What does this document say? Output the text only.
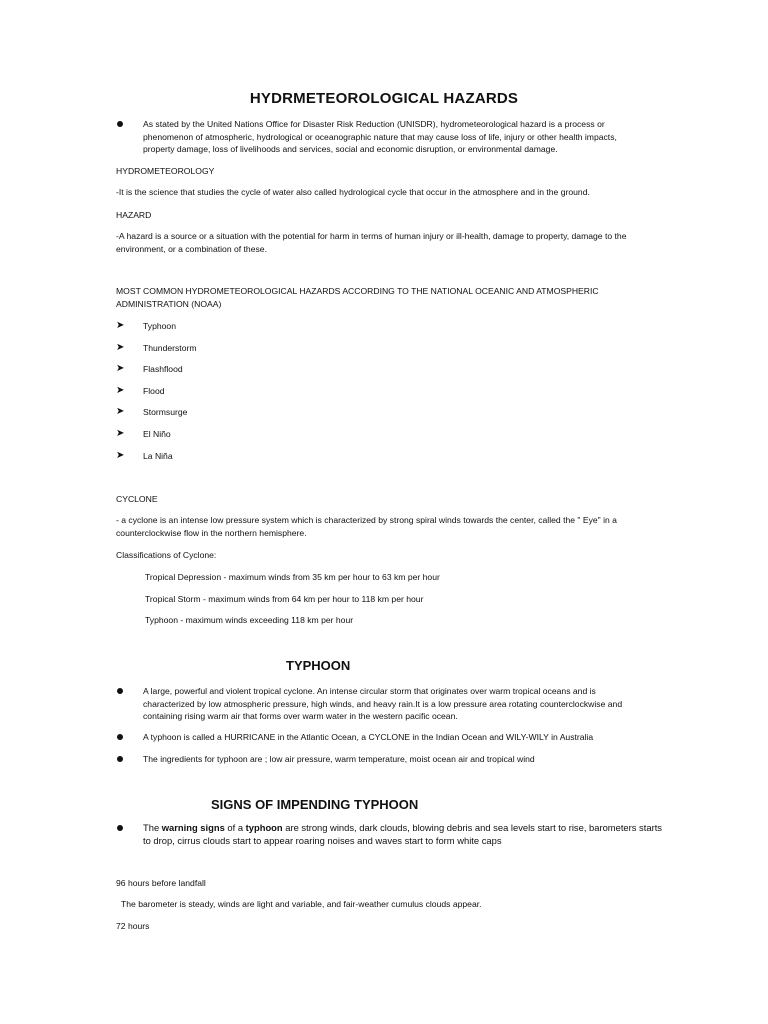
HYDRMETEOROLOGICAL HAZARDS
As stated by the United Nations Office for Disaster Risk Reduction (UNISDR), hydrometeorological hazard is a process or phenomenon of atmospheric, hydrological or oceanographic nature that may cause loss of life, injury or other health impacts, property damage, loss of livelihoods and services, social and economic disruption, or environmental damage.
HYDROMETEOROLOGY
-It is the science that studies the cycle of water also called hydrological cycle that occur in the atmosphere and in the ground.
HAZARD
-A hazard is a source or a situation with the potential for harm in terms of human injury or ill-health, damage to property, damage to the environment, or a combination of these.
MOST COMMON HYDROMETEOROLOGICAL HAZARDS ACCORDING TO THE NATIONAL OCEANIC AND ATMOSPHERIC ADMINISTRATION (NOAA)
➤ Typhoon
➤ Thunderstorm
➤ Flashflood
➤ Flood
➤ Stormsurge
➤ El Niño
➤ La Niña
CYCLONE
- a cyclone is an intense low pressure system which is characterized by strong spiral winds towards the center, called the " Eye" in a counterclockwise flow in the northern hemisphere.
Classifications of Cyclone:
Tropical Depression - maximum winds from 35 km per hour to 63 km per hour
Tropical Storm - maximum winds from 64 km per hour to 118 km per hour
Typhoon - maximum winds exceeding 118 km per hour
TYPHOON
A large, powerful and violent tropical cyclone. An intense circular storm that originates over warm tropical oceans and is characterized by low atmospheric pressure, high winds, and heavy rain.It is a low pressure area rotating counterclockwise and containing rising warm air that forms over warm water in the western pacific ocean.
A typhoon is called a HURRICANE in the Atlantic Ocean, a CYCLONE in the Indian Ocean and WILY-WILY in Australia
The ingredients for typhoon are ; low air pressure, warm temperature, moist ocean air and tropical wind
SIGNS OF IMPENDING TYPHOON
The warning signs of a typhoon are strong winds, dark clouds, blowing debris and sea levels start to rise, barometers starts to drop, cirrus clouds start to appear roaring noises and waves start to form white caps
96 hours before landfall
The barometer is steady, winds are light and variable, and fair-weather cumulus clouds appear.
72 hours
